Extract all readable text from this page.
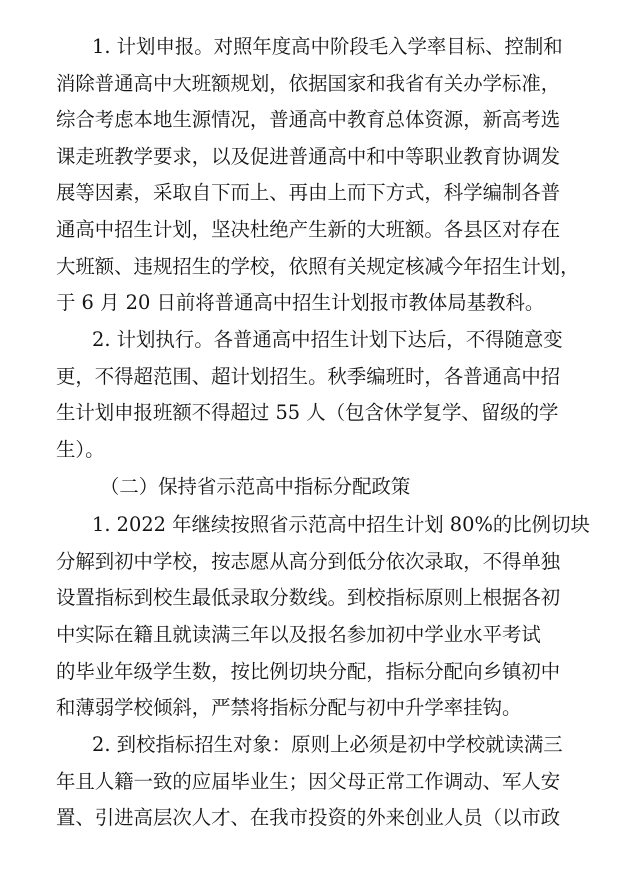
1. 计划申报。对照年度高中阶段毛入学率目标、控制和
消除普通高中大班额规划，依据国家和我省有关办学标准，
综合考虑本地生源情况，普通高中教育总体资源，新高考选
课走班教学要求，以及促进普通高中和中等职业教育协调发
展等因素，采取自下而上、再由上而下方式，科学编制各普
通高中招生计划，坚决杜绝产生新的大班额。各县区对存在
大班额、违规招生的学校，依照有关规定核减今年招生计划，
于 6 月 20 日前将普通高中招生计划报市教体局基教科。
2. 计划执行。各普通高中招生计划下达后，不得随意变
更，不得超范围、超计划招生。秋季编班时，各普通高中招
生计划申报班额不得超过 55 人（包含休学复学、留级的学
生）。
（二）保持省示范高中指标分配政策
1. 2022 年继续按照省示范高中招生计划 80%的比例切块
分解到初中学校，按志愿从高分到低分依次录取，不得单独
设置指标到校生最低录取分数线。到校指标原则上根据各初
中实际在籍且就读满三年以及报名参加初中学业水平考试
的毕业年级学生数，按比例切块分配，指标分配向乡镇初中
和薄弱学校倾斜，严禁将指标分配与初中升学率挂钩。
2. 到校指标招生对象：原则上必须是初中学校就读满三
年且人籍一致的应届毕业生；因父母正常工作调动、军人安
置、引进高层次人才、在我市投资的外来创业人员（以市政
